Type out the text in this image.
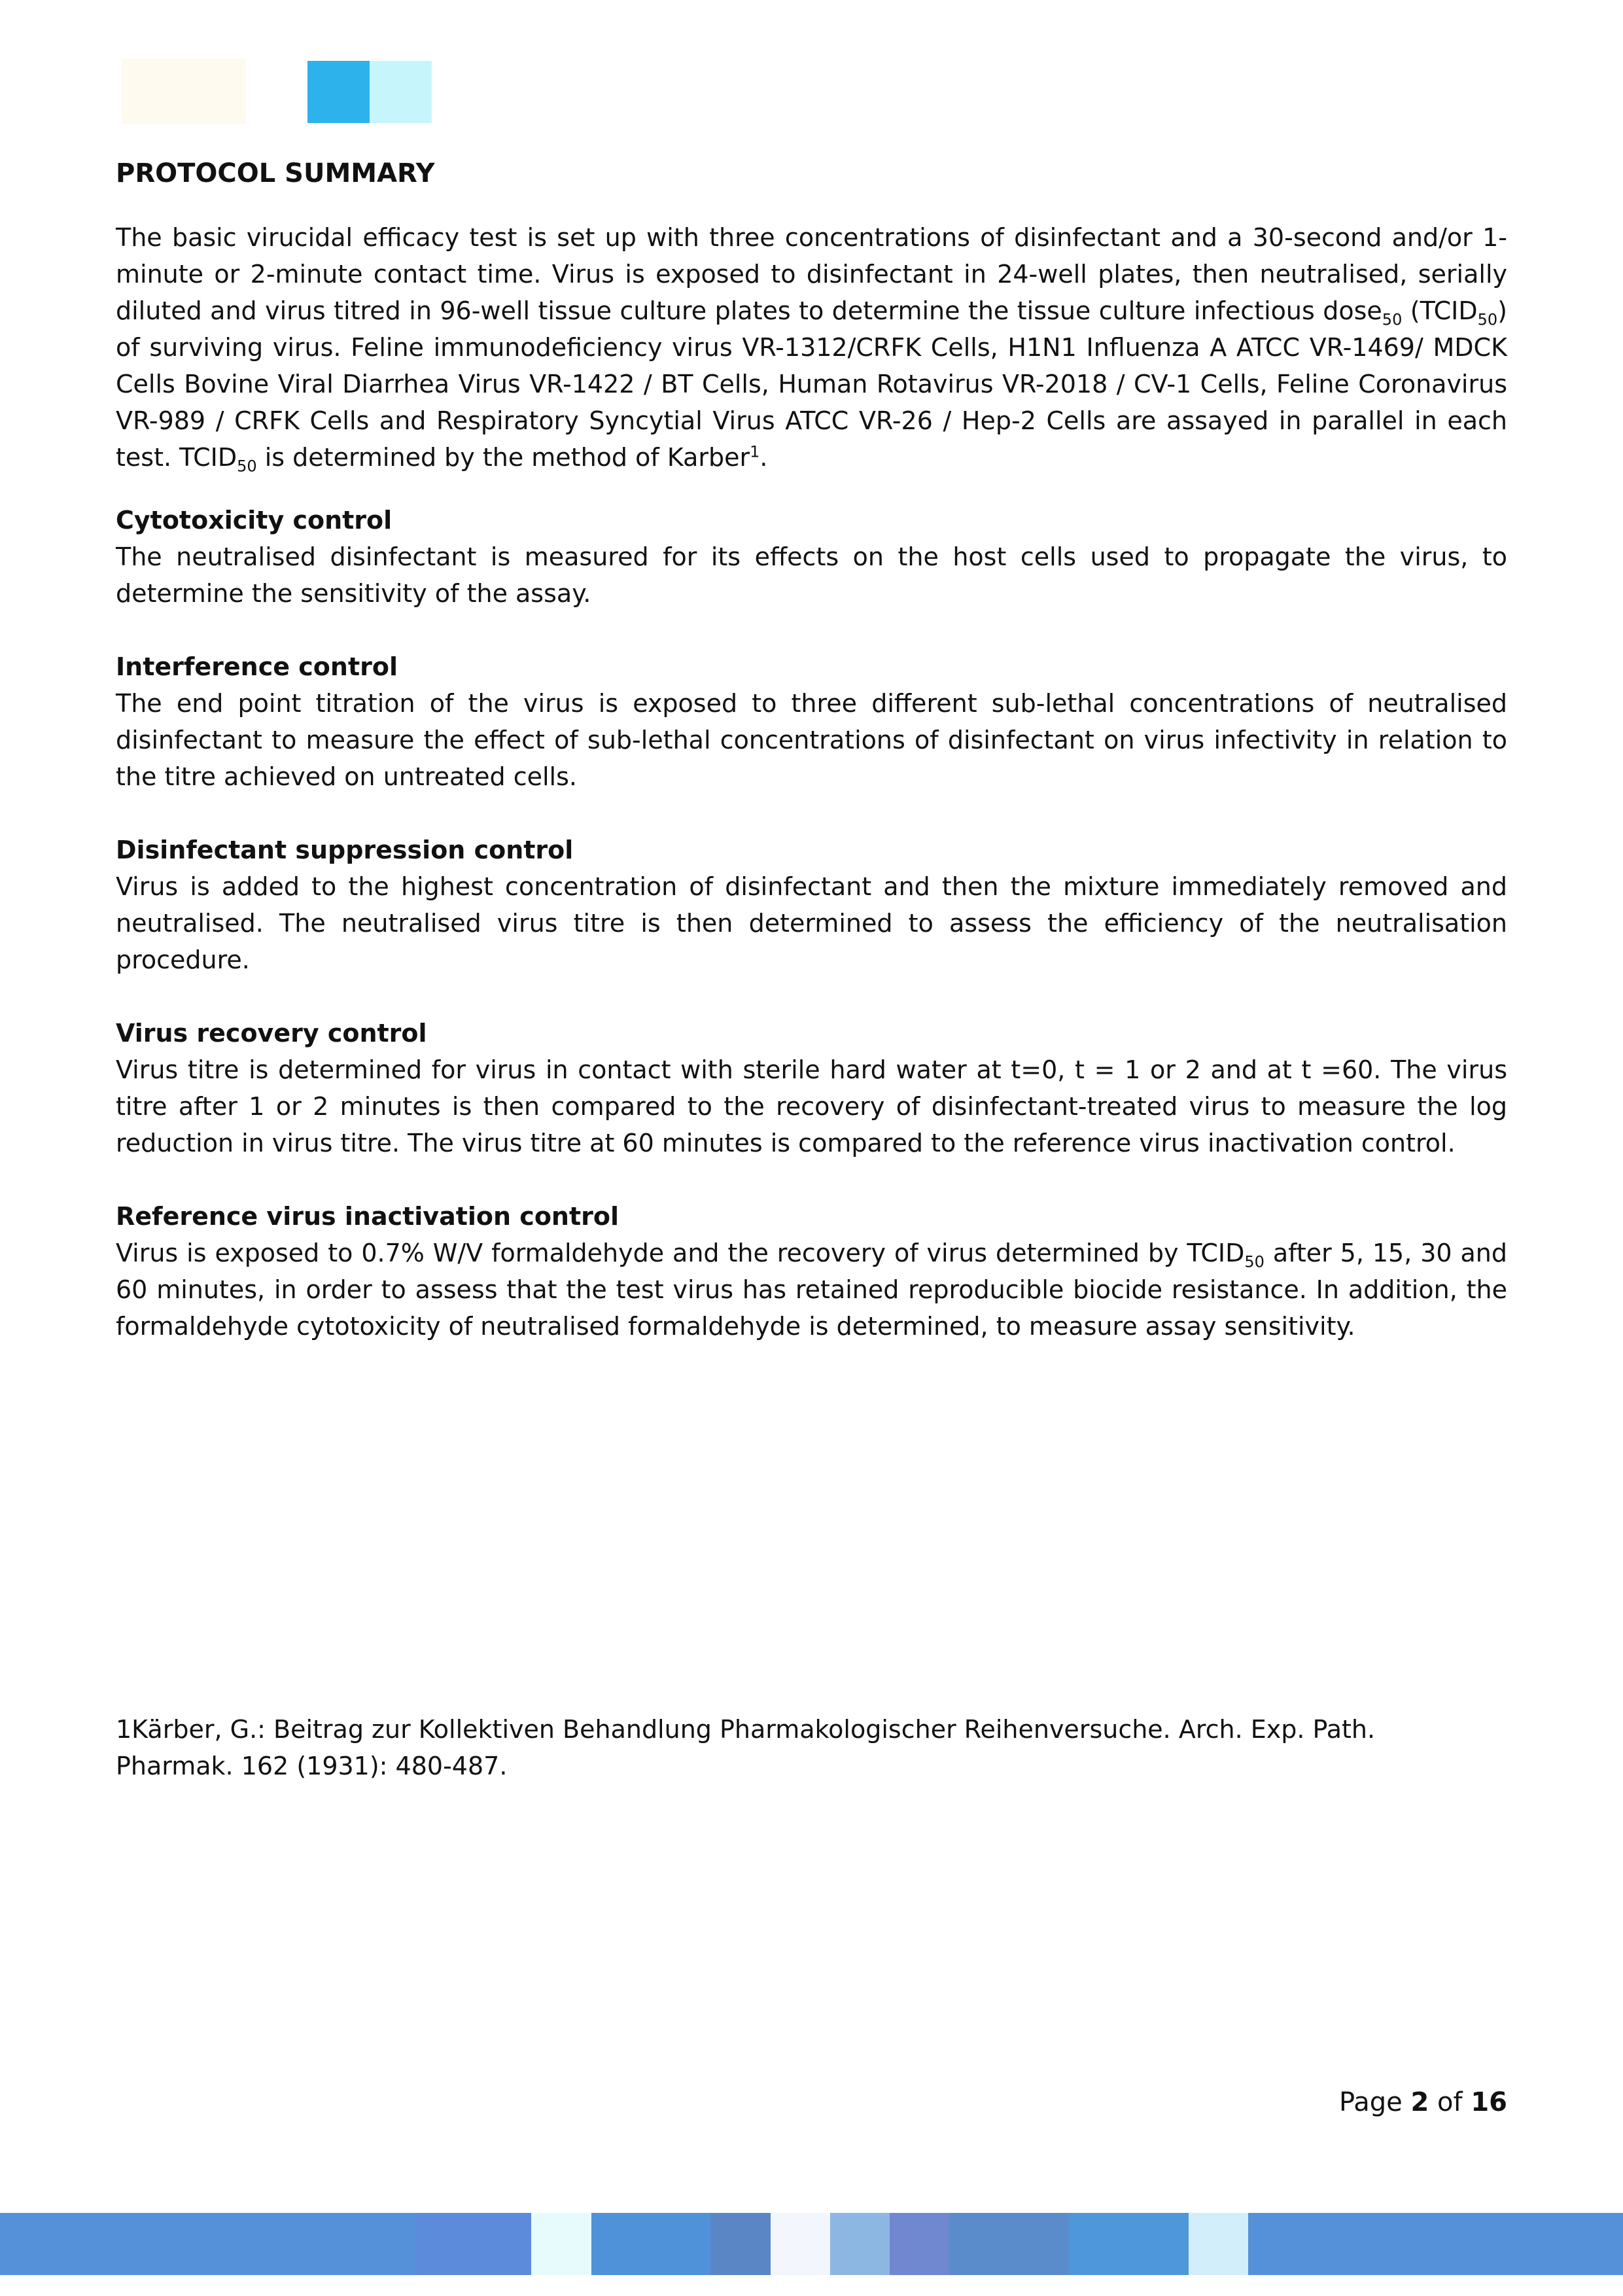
PROTOCOL SUMMARY

The basic virucidal efficacy test is set up with three concentrations of disinfectant and a 30-second and/or 1-minute or 2-minute contact time. Virus is exposed to disinfectant in 24-well plates, then neutralised, serially diluted and virus titred in 96-well tissue culture plates to determine the tissue culture infectious dose$_{50}$ $(TCID_{50})$ of surviving virus. Feline immunodeficiency virus VR-1312/CRFK Cells, H1N1 Influenza A ATCC VR-1469/ MDCK Cells Bovine Viral Diarrhea Virus VR-1422 / BT Cells, Human Rotavirus VR-2018 / CV-1 Cells, Feline Coronavirus VR-989 / CRFK Cells and Respiratory Syncytial Virus ATCC VR-26 / Hep-2 Cells are assayed in parallel in each test. $TCID_{50}$ is determined by the method of Karber$^1$.

Cytotoxicity control

The neutralised disinfectant is measured for its effects on the host cells used to propagate the virus, to determine the sensitivity of the assay.

Interference control

The end point titration of the virus is exposed to three different sub-lethal concentrations of neutralised disinfectant to measure the effect of sub-lethal concentrations of disinfectant on virus infectivity in relation to the titre achieved on untreated cells.

Disinfectant suppression control

Virus is added to the highest concentration of disinfectant and then the mixture immediately removed and neutralised. The neutralised virus titre is then determined to assess the efficiency of the neutralisation procedure.

Virus recovery control

Virus titre is determined for virus in contact with sterile hard water at t=0, t = 1 or 2 and at t =60. The virus titre after 1 or 2 minutes is then compared to the recovery of disinfectant-treated virus to measure the log reduction in virus titre. The virus titre at 60 minutes is compared to the reference virus inactivation control.

Reference virus inactivation control

Virus is exposed to 0.7% W/V formaldehyde and the recovery of virus determined by $TCID_{50}$ after 5, 15, 30 and 60 minutes, in order to assess that the test virus has retained reproducible biocide resistance. In addition, the formaldehyde cytotoxicity of neutralised formaldehyde is determined, to measure assay sensitivity.

1Kärber, G.: Beitrag zur Kollektiven Behandlung Pharmakologischer Reihenversuche. Arch. Exp. Path.
Pharmak. 162 (1931): 480-487.
Page 2 of 16
